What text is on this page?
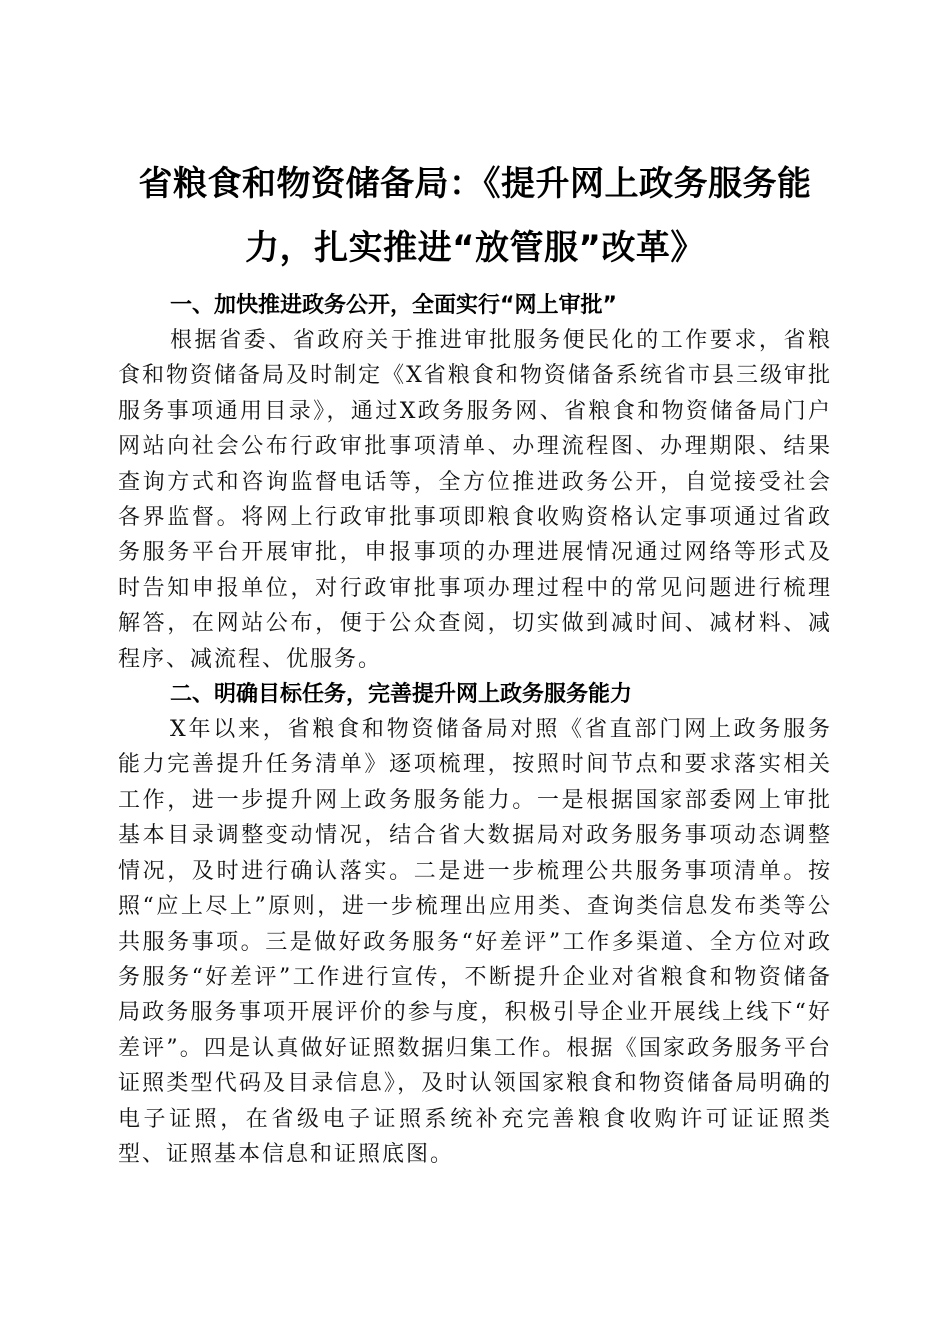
省粮食和物资储备局：《提升网上政务服务能力，扎实推进“放管服”改革》
一、加快推进政务公开，全面实行“网上审批”

根据省委、省政府关于推进审批服务便民化的工作要求，省粮食和物资储备局及时制定《X省粮食和物资储备系统省市县三级审批服务事项通用目录》，通过X政务服务网、省粮食和物资储备局门户网站向社会公布行政审批事项清单、办理流程图、办理期限、结果查询方式和咨询监督电话等，全方位推进政务公开，自觉接受社会各界监督。将网上行政审批事项即粮食收购资格认定事项通过省政务服务平台开展审批，申报事项的办理进展情况通过网络等形式及时告知申报单位，对行政审批事项办理过程中的常见问题进行梳理解答，在网站公布，便于公众查阅，切实做到减时间、减材料、减程序、减流程、优服务。

二、明确目标任务，完善提升网上政务服务能力

X年以来，省粮食和物资储备局对照《省直部门网上政务服务能力完善提升任务清单》逐项梳理，按照时间节点和要求落实相关工作，进一步提升网上政务服务能力。一是根据国家部委网上审批基本目录调整变动情况，结合省大数据局对政务服务事项动态调整情况，及时进行确认落实。二是进一步梳理公共服务事项清单。按照“应上尽上”原则，进一步梳理出应用类、查询类信息发布类等公共服务事项。三是做好政务服务“好差评”工作多渠道、全方位对政务服务“好差评”工作进行宣传，不断提升企业对省粮食和物资储备局政务服务事项开展评价的参与度，积极引导企业开展线上线下“好差评”。四是认真做好证照数据归集工作。根据《国家政务服务平台证照类型代码及目录信息》，及时认领国家粮食和物资储备局明确的电子证照，在省级电子证照系统补充完善粮食收购许可证证照类型、证照基本信息和证照底图。
